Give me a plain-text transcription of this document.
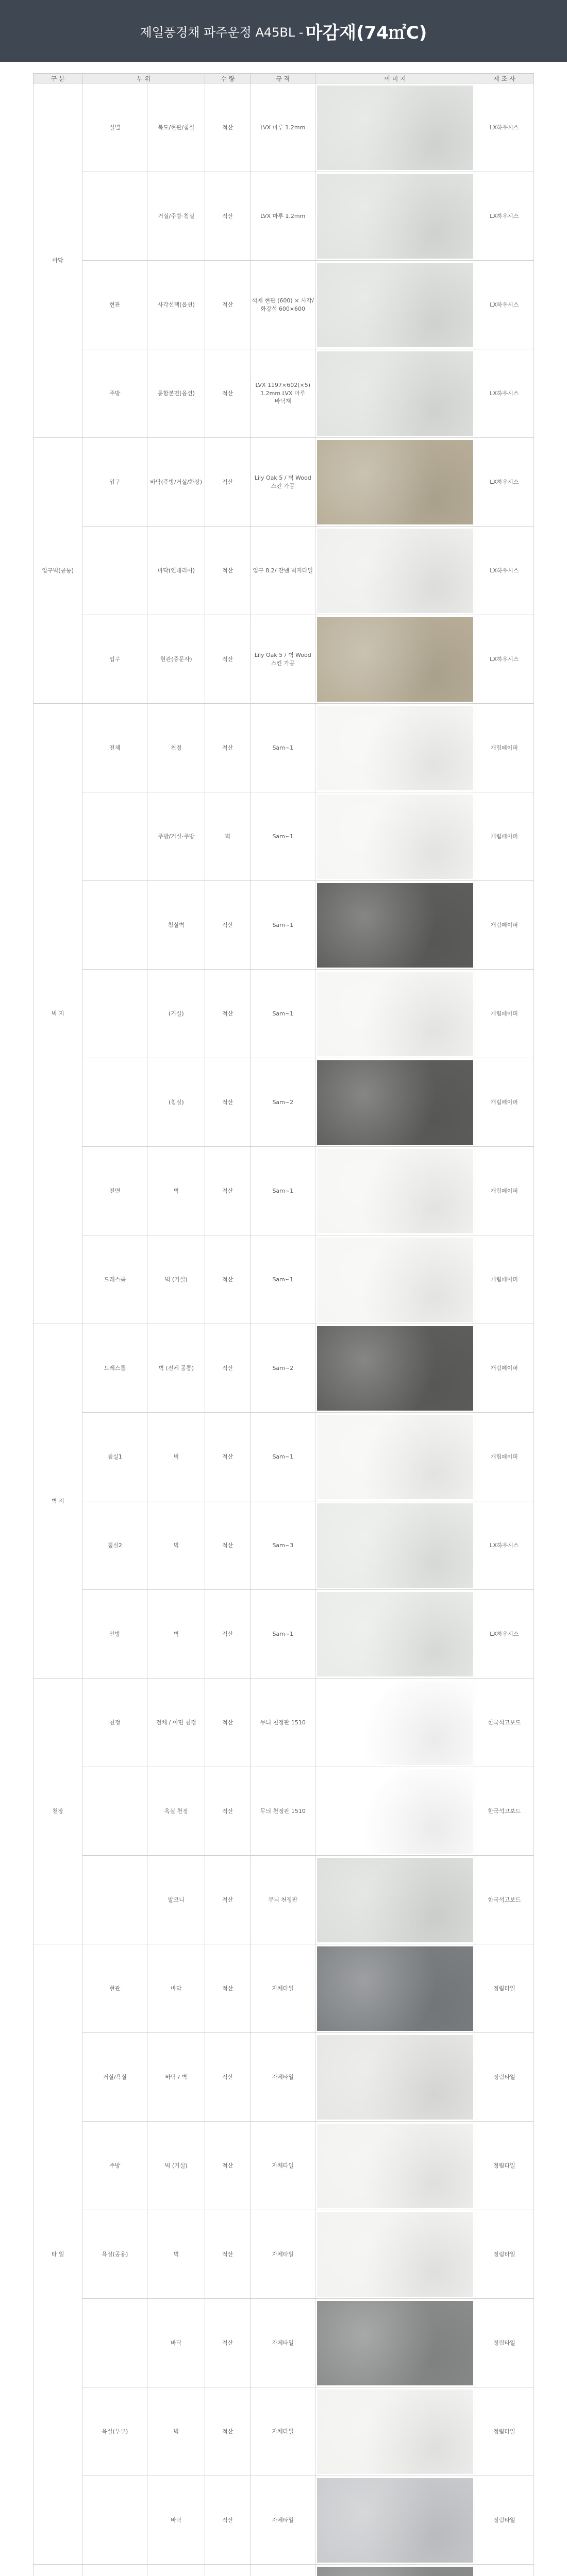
제일풍경채 파주운정 A45BL - 마감재(74㎡C)
구 분	부 위		수 량	규 격	이 미 지	제 조 사
바닥	실별	복도/현관/침실	적산	LVX 마루 1.2mm		LX하우시스
		거실/주방·침실	적산	LVX 마루 1.2mm		LX하우시스
	현관	사각선택(옵션)	적산	석재 현관 (600) × 사각/화강석 600×600		LX하우시스
	주방	통합본면(옵션)	적산	LVX 1197×602(×5) 1.2mm LVX 마루 바닥재		LX하우시스
입구벽(공통)	입구	바닥(주방/거실/화장)	적산	Lily Oak 5 / 벽 Wood 스킨 가공		LX하우시스
		바닥(인테리어)	적산	입구 8.2/ 잔넨 벽지타일		LX하우시스
	입구	현관(중문사)	적산	Lily Oak 5 / 벽 Wood 스킨 가공		LX하우시스
벽 지	전체	천정	적산	Sam~1		개림페이퍼
		주방/거실·주방	벽	Sam~1		개림페이퍼
		침실벽	적산	Sam~1		개림페이퍼
		(거실)	적산	Sam~1		개림페이퍼
		(침실)	적산	Sam~2		개림페이퍼
	전면	벽	적산	Sam~1		개림페이퍼
	드레스룸	벽 (거실)	적산	Sam~1		개림페이퍼
벽 지	드레스룸	벽 (전체 공통)	적산	Sam~2		개림페이퍼
	침실1	벽	적산	Sam~1		개림페이퍼
	침실2	벽	적산	Sam~3		LX하우시스
	안방	벽	적산	Sam~1		LX하우시스
천장	천정	전체 / 이면 천정	적산	무늬 천정판 1510		한국석고보드
		욕실 천정	적산	무늬 천정판 1510		한국석고보드
		발코니	적산	무늬 천정판		한국석고보드
타 일	현관	바닥	적산	자체타일		정림타일
	거실/욕실	바닥 / 벽	적산	자체타일		정림타일
	주방	벽 (거실)	적산	자체타일		정림타일
	욕실(공용)	벽	적산	자체타일		정림타일
		바닥	적산	자체타일		정림타일
	욕실(부부)	벽	적산	자체타일		정림타일
		바닥	적산	자체타일		정림타일
